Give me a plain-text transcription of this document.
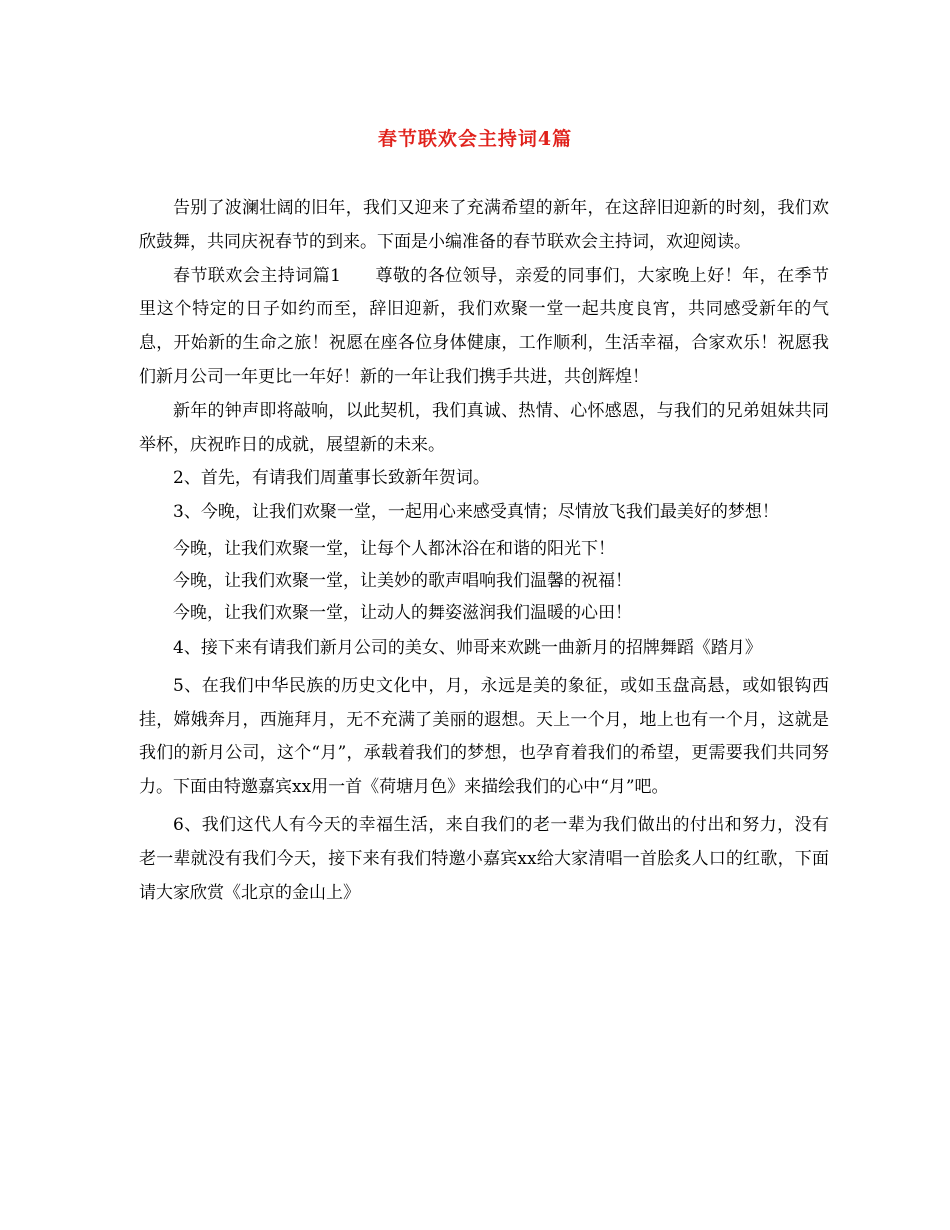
春节联欢会主持词4篇

告别了波澜壮阔的旧年，我们又迎来了充满希望的新年，在这辞旧迎新的时刻，我们欢欣鼓舞，共同庆祝春节的到来。下面是小编准备的春节联欢会主持词，欢迎阅读。

春节联欢会主持词篇1 尊敬的各位领导，亲爱的同事们，大家晚上好！年，在季节里这个特定的日子如约而至，辞旧迎新，我们欢聚一堂一起共度良宵，共同感受新年的气息，开始新的生命之旅！祝愿在座各位身体健康，工作顺利，生活幸福，合家欢乐！祝愿我们新月公司一年更比一年好！新的一年让我们携手共进，共创辉煌！

新年的钟声即将敲响，以此契机，我们真诚、热情、心怀感恩，与我们的兄弟姐妹共同举杯，庆祝昨日的成就，展望新的未来。

2、首先，有请我们周董事长致新年贺词。

3、今晚，让我们欢聚一堂，一起用心来感受真情；尽情放飞我们最美好的梦想！

今晚，让我们欢聚一堂，让每个人都沐浴在和谐的阳光下！

今晚，让我们欢聚一堂，让美妙的歌声唱响我们温馨的祝福！

今晚，让我们欢聚一堂，让动人的舞姿滋润我们温暖的心田！

4、接下来有请我们新月公司的美女、帅哥来欢跳一曲新月的招牌舞蹈《踏月》

5、在我们中华民族的历史文化中，月，永远是美的象征，或如玉盘高悬，或如银钩西挂，嫦娥奔月，西施拜月，无不充满了美丽的遐想。天上一个月，地上也有一个月，这就是我们的新月公司，这个“月”，承载着我们的梦想，也孕育着我们的希望，更需要我们共同努力。下面由特邀嘉宾xx用一首《荷塘月色》来描绘我们的心中“月”吧。

6、我们这代人有今天的幸福生活，来自我们的老一辈为我们做出的付出和努力，没有老一辈就没有我们今天，接下来有我们特邀小嘉宾xx给大家清唱一首脍炙人口的红歌，下面请大家欣赏《北京的金山上》
